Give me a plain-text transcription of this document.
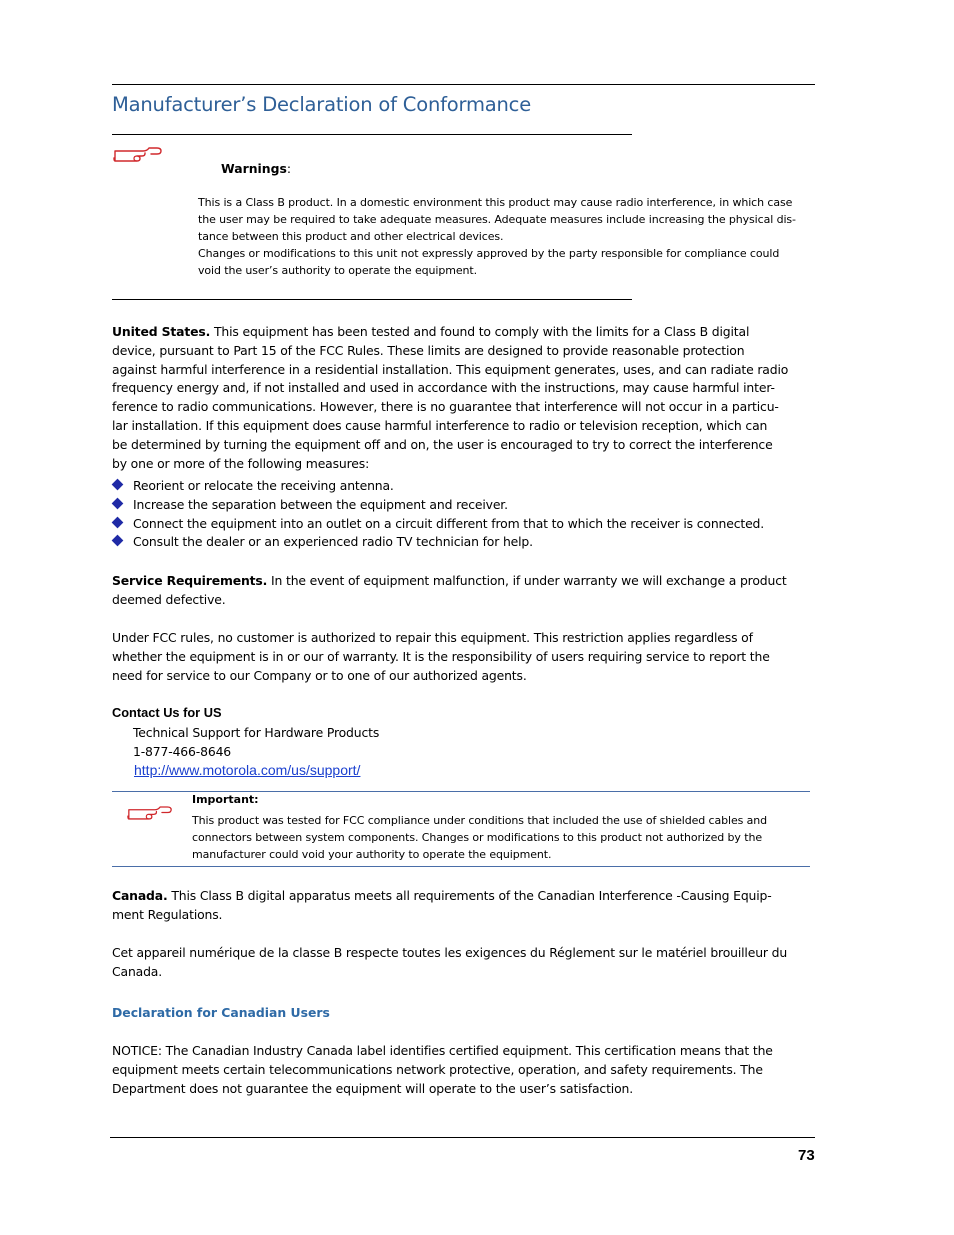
Manufacturer’s Declaration of Conformance
Warnings:
This is a Class B product. In a domestic environment this product may cause radio interference, in which case
the user may be required to take adequate measures. Adequate measures include increasing the physical dis-
tance between this product and other electrical devices.
Changes or modifications to this unit not expressly approved by the party responsible for compliance could
void the user’s authority to operate the equipment.
United States. This equipment has been tested and found to comply with the limits for a Class B digital
device, pursuant to Part 15 of the FCC Rules. These limits are designed to provide reasonable protection
against harmful interference in a residential installation. This equipment generates, uses, and can radiate radio
frequency energy and, if not installed and used in accordance with the instructions, may cause harmful inter-
ference to radio communications. However, there is no guarantee that interference will not occur in a particu-
lar installation. If this equipment does cause harmful interference to radio or television reception, which can
be determined by turning the equipment off and on, the user is encouraged to try to correct the interference
by one or more of the following measures:
Reorient or relocate the receiving antenna.
Increase the separation between the equipment and receiver.
Connect the equipment into an outlet on a circuit different from that to which the receiver is connected.
Consult the dealer or an experienced radio TV technician for help.
Service Requirements. In the event of equipment malfunction, if under warranty we will exchange a product
deemed defective.
Under FCC rules, no customer is authorized to repair this equipment. This restriction applies regardless of
whether the equipment is in or our of warranty. It is the responsibility of users requiring service to report the
need for service to our Company or to one of our authorized agents.
Contact Us for US
Technical Support for Hardware Products
1-877-466-8646
http://www.motorola.com/us/support/
Important:
This product was tested for FCC compliance under conditions that included the use of shielded cables and
connectors between system components. Changes or modifications to this product not authorized by the
manufacturer could void your authority to operate the equipment.
Canada. This Class B digital apparatus meets all requirements of the Canadian Interference -Causing Equip-
ment Regulations.
Cet appareil numérique de la classe B respecte toutes les exigences du Réglement sur le matériel brouilleur du
Canada.
Declaration for Canadian Users
NOTICE: The Canadian Industry Canada label identifies certified equipment. This certification means that the
equipment meets certain telecommunications network protective, operation, and safety requirements. The
Department does not guarantee the equipment will operate to the user’s satisfaction.
73
